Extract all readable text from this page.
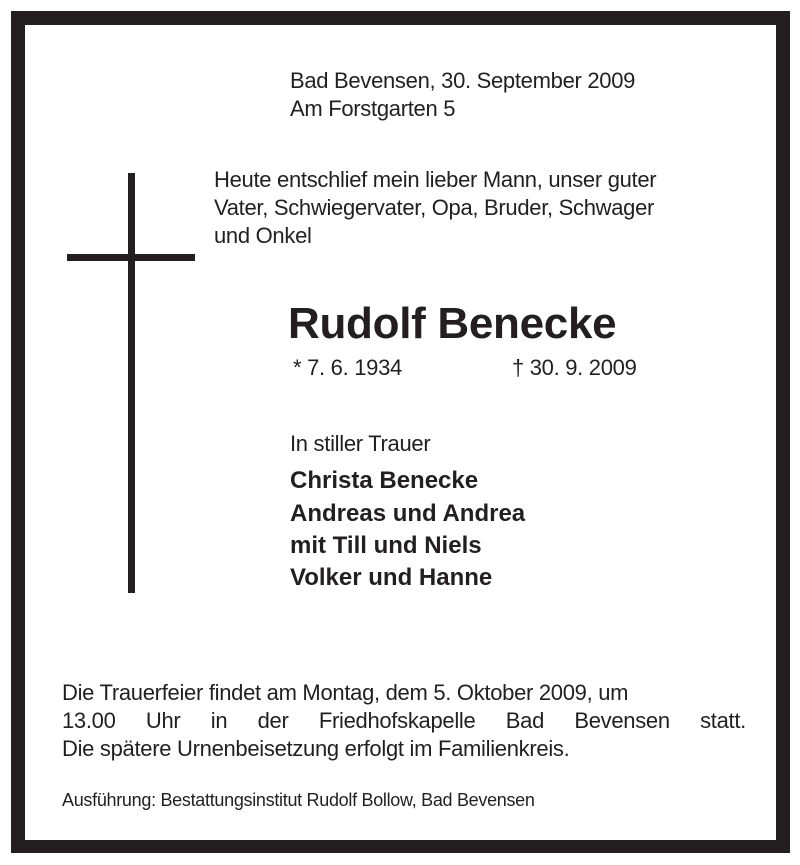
Bad Bevensen, 30. September 2009
Am Forstgarten 5
Heute entschlief mein lieber Mann, unser guter
Vater, Schwiegervater, Opa, Bruder, Schwager
und Onkel
Rudolf Benecke
* 7. 6. 1934	† 30. 9. 2009
In stiller Trauer
Christa Benecke
Andreas und Andrea
mit Till und Niels
Volker und Hanne
Die Trauerfeier findet am Montag, dem 5. Oktober 2009, um
13.00 Uhr in der Friedhofskapelle Bad Bevensen statt.
Die spätere Urnenbeisetzung erfolgt im Familienkreis.
Ausführung: Bestattungsinstitut Rudolf Bollow, Bad Bevensen
